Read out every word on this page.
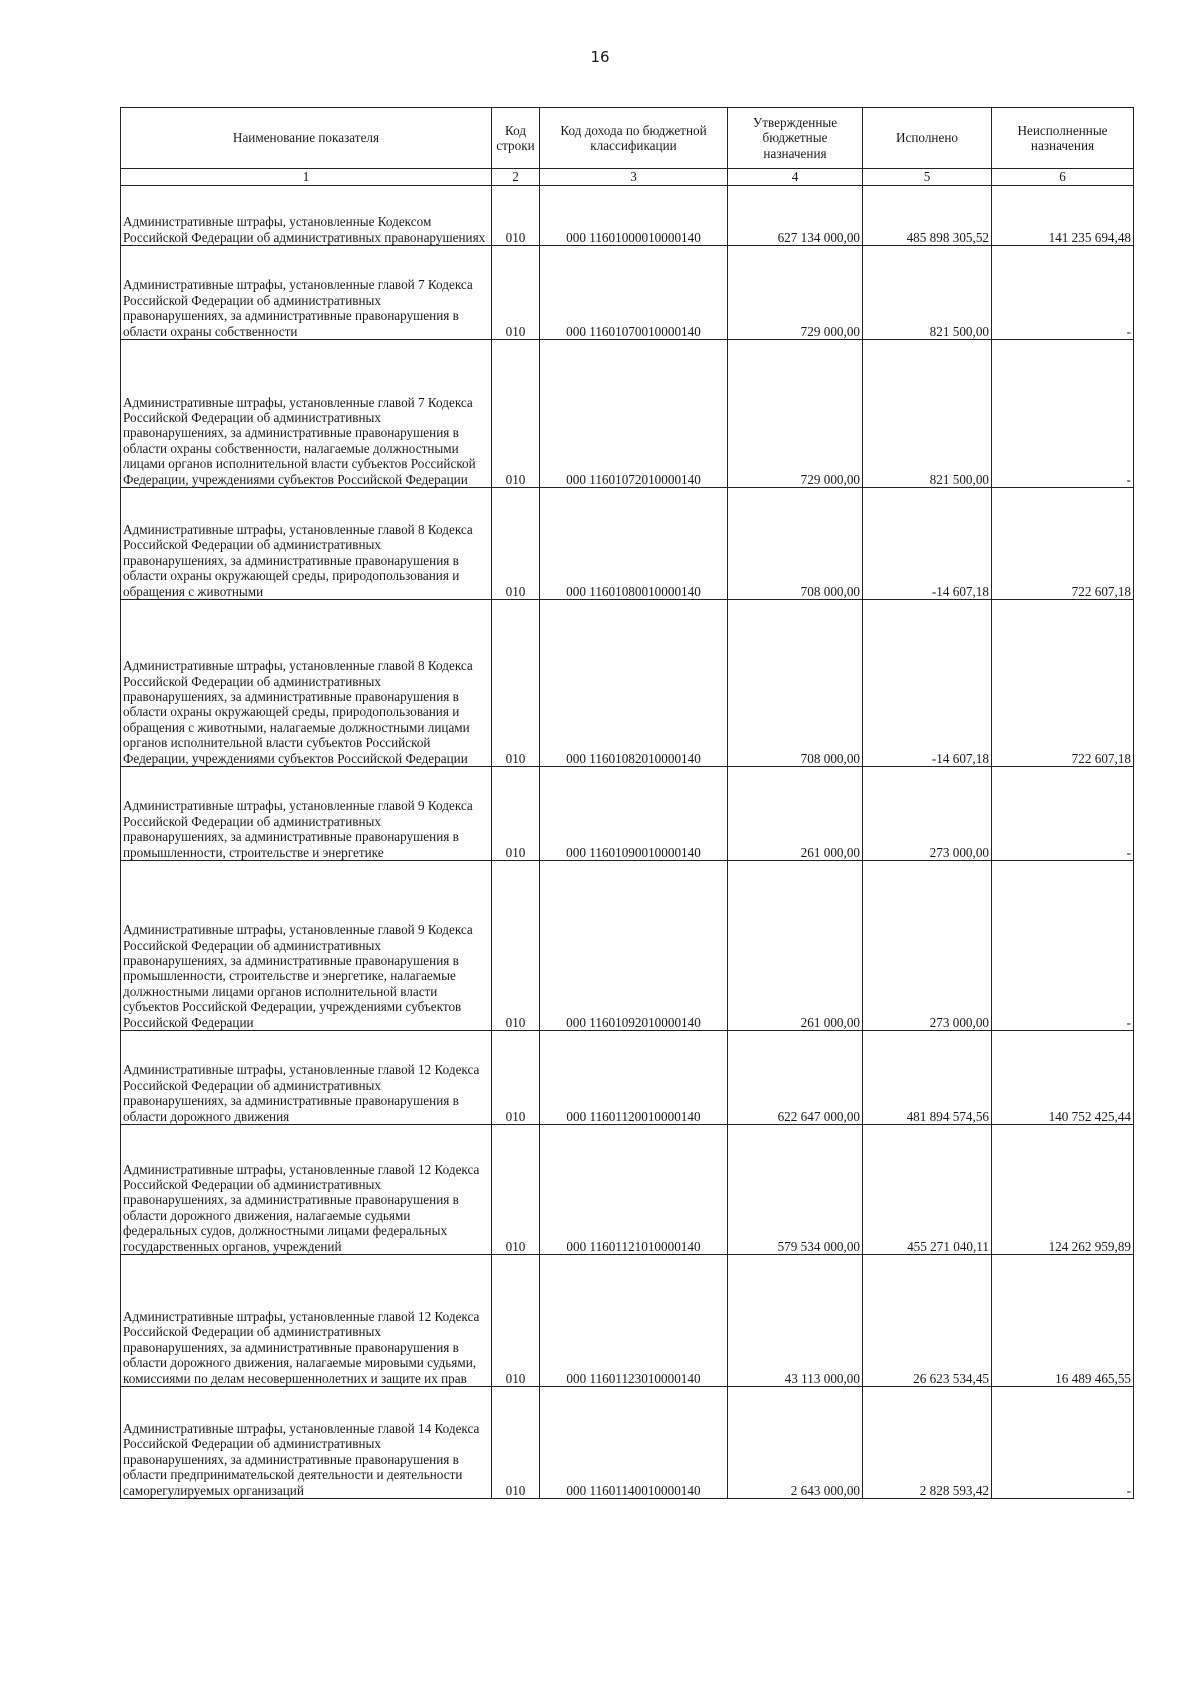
16
Наименование показателя	Код строки	Код дохода по бюджетной классификации	Утвержденные бюджетные назначения	Исполнено	Неисполненные назначения
1	2	3	4	5	6
Административные штрафы, установленные Кодексом Российской Федерации об административных правонарушениях	010	000 11601000010000140	627 134 000,00	485 898 305,52	141 235 694,48
Административные штрафы, установленные главой 7 Кодекса Российской Федерации об административных правонарушениях, за административные правонарушения в области охраны собственности	010	000 11601070010000140	729 000,00	821 500,00	-
Административные штрафы, установленные главой 7 Кодекса Российской Федерации об административных правонарушениях, за административные правонарушения в области охраны собственности, налагаемые должностными лицами органов исполнительной власти субъектов Российской Федерации, учреждениями субъектов Российской Федерации	010	000 11601072010000140	729 000,00	821 500,00	-
Административные штрафы, установленные главой 8 Кодекса Российской Федерации об административных правонарушениях, за административные правонарушения в области охраны окружающей среды, природопользования и обращения с животными	010	000 11601080010000140	708 000,00	-14 607,18	722 607,18
Административные штрафы, установленные главой 8 Кодекса Российской Федерации об административных правонарушениях, за административные правонарушения в области охраны окружающей среды, природопользования и обращения с животными, налагаемые должностными лицами органов исполнительной власти субъектов Российской Федерации, учреждениями субъектов Российской Федерации	010	000 11601082010000140	708 000,00	-14 607,18	722 607,18
Административные штрафы, установленные главой 9 Кодекса Российской Федерации об административных правонарушениях, за административные правонарушения в промышленности, строительстве и энергетике	010	000 11601090010000140	261 000,00	273 000,00	-
Административные штрафы, установленные главой 9 Кодекса Российской Федерации об административных правонарушениях, за административные правонарушения в промышленности, строительстве и энергетике, налагаемые должностными лицами органов исполнительной власти субъектов Российской Федерации, учреждениями субъектов Российской Федерации	010	000 11601092010000140	261 000,00	273 000,00	-
Административные штрафы, установленные главой 12 Кодекса Российской Федерации об административных правонарушениях, за административные правонарушения в области дорожного движения	010	000 11601120010000140	622 647 000,00	481 894 574,56	140 752 425,44
Административные штрафы, установленные главой 12 Кодекса Российской Федерации об административных правонарушениях, за административные правонарушения в области дорожного движения, налагаемые судьями федеральных судов, должностными лицами федеральных государственных органов, учреждений	010	000 11601121010000140	579 534 000,00	455 271 040,11	124 262 959,89
Административные штрафы, установленные главой 12 Кодекса Российской Федерации об административных правонарушениях, за административные правонарушения в области дорожного движения, налагаемые мировыми судьями, комиссиями по делам несовершеннолетних и защите их прав	010	000 11601123010000140	43 113 000,00	26 623 534,45	16 489 465,55
Административные штрафы, установленные главой 14 Кодекса Российской Федерации об административных правонарушениях, за административные правонарушения в области предпринимательской деятельности и деятельности саморегулируемых организаций	010	000 11601140010000140	2 643 000,00	2 828 593,42	-
